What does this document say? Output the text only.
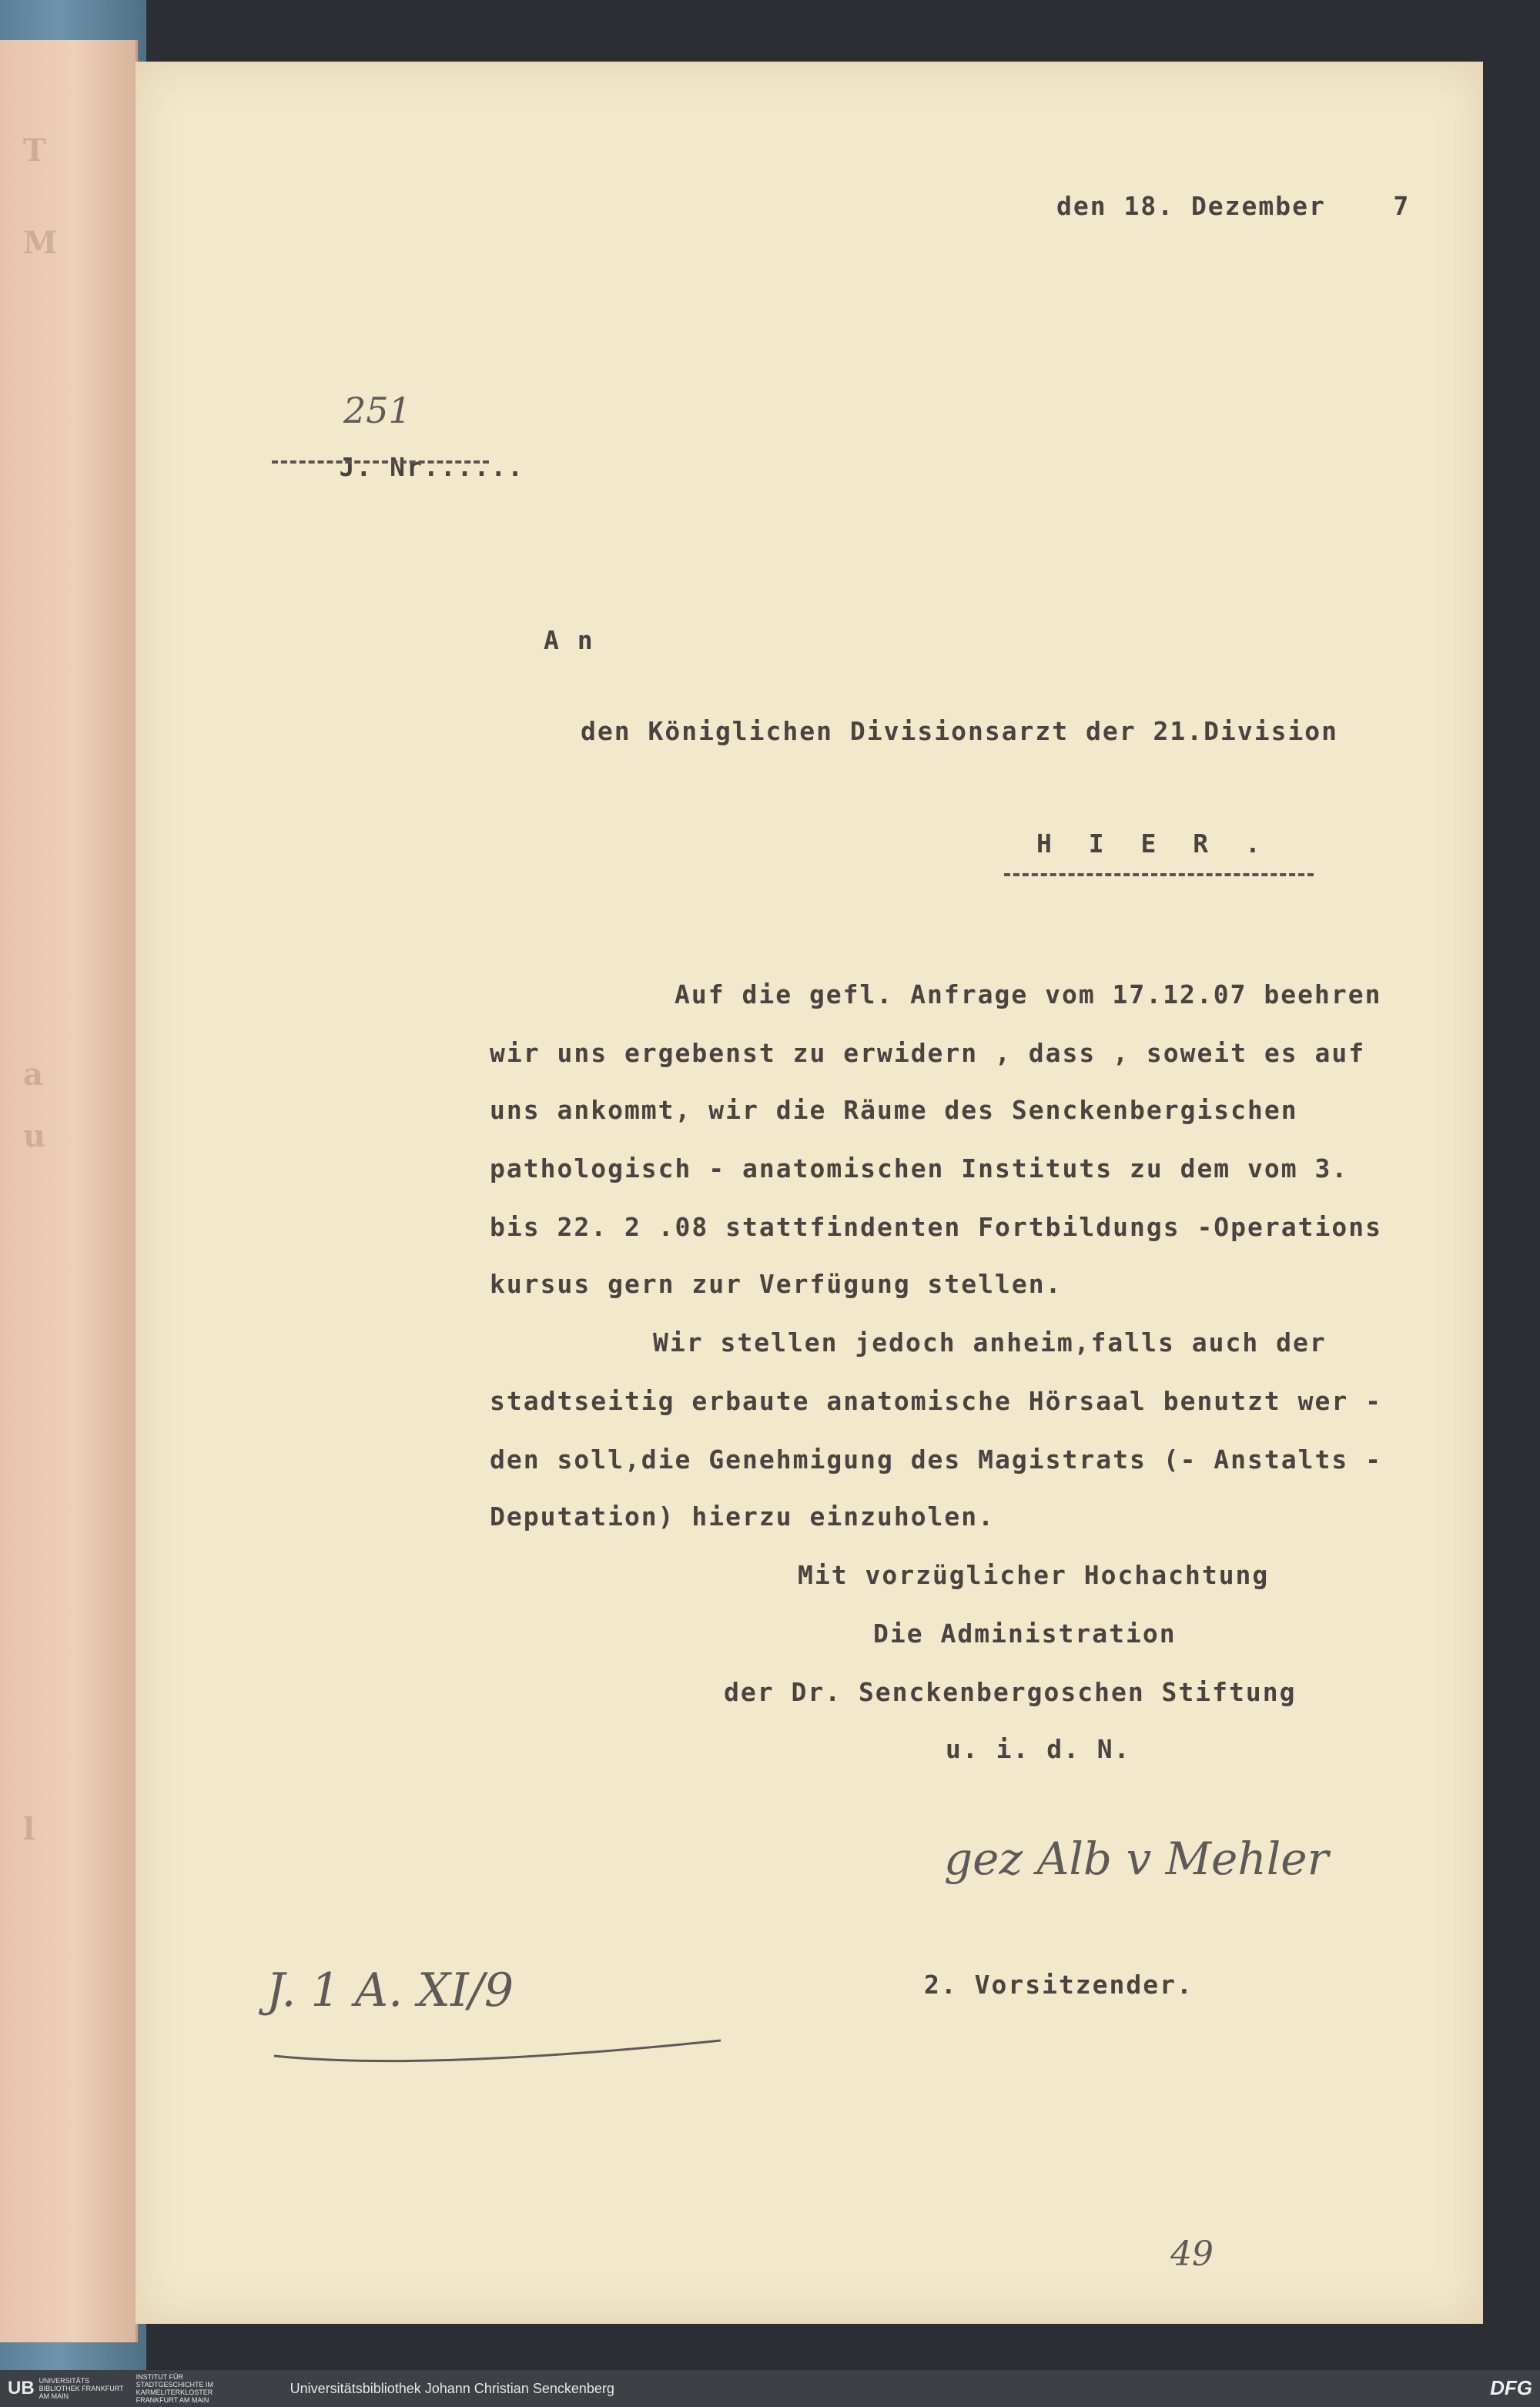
T
M
a
u
l
den 18. Dezember    7

J. Nr......

251
A n
den Königlichen Divisionsarzt der 21.Division
H I E R .
Auf die gefl. Anfrage vom 17.12.07 beehren
wir uns ergebenst zu erwidern , dass , soweit es auf
uns ankommt, wir die Räume des Senckenbergischen
pathologisch - anatomischen Instituts zu dem vom 3.
bis 22. 2 .08 stattfindenten Fortbildungs -Operations
kursus gern zur Verfügung stellen.
Wir stellen jedoch anheim,falls auch der
stadtseitig erbaute anatomische Hörsaal benutzt wer -
den soll,die Genehmigung des Magistrats (- Anstalts -
Deputation) hierzu einzuholen.
Mit vorzüglicher Hochachtung
Die Administration
der Dr. Senckenbergoschen Stiftung
u. i. d. N.
gez Alb v Mehler
2. Vorsitzender.
J. 1 A. XI/9
49
UB UNIVERSITÄTS BIBLIOTHEK FRANKFURT AM MAIN
INSTITUT FÜR STADTGESCHICHTE IM KARMELITERKLOSTER FRANKFURT AM MAIN
Universitätsbibliothek Johann Christian Senckenberg	DFG
